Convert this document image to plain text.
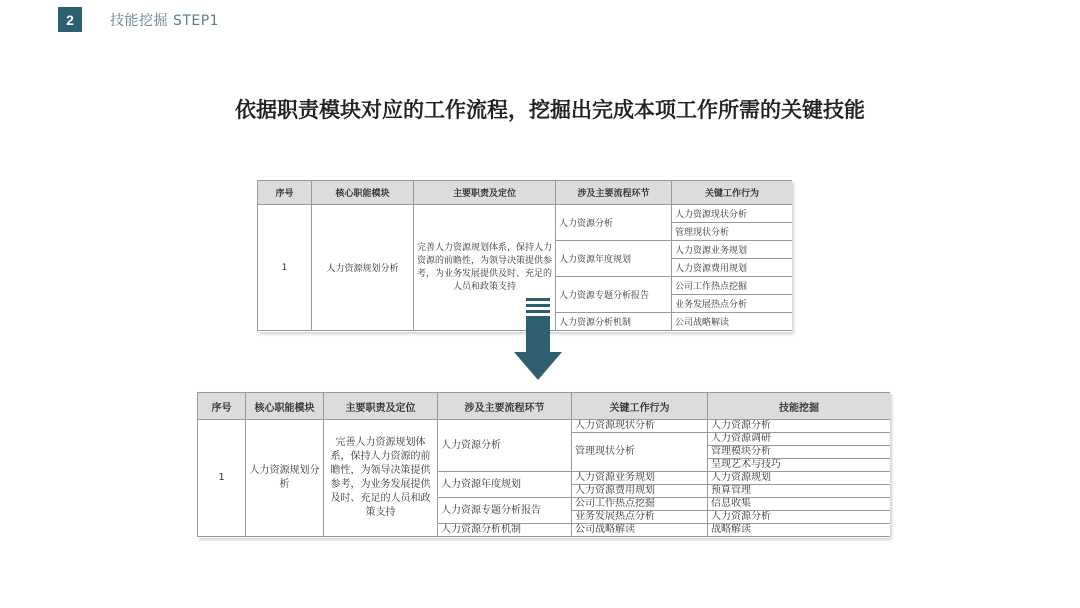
2	技能挖掘 STEP1
依据职责模块对应的工作流程，挖掘出完成本项工作所需的关键技能
序号	核心职能模块	主要职责及定位	涉及主要流程环节	关键工作行为
1	人力资源规划分析	完善人力资源规划体系，保持人力资源的前瞻性，为领导决策提供参考，为业务发展提供及时、充足的人员和政策支持	人力资源分析	人力资源现状分析
				管理现状分析
			人力资源年度规划	人力资源业务规划
				人力资源费用规划
			人力资源专题分析报告	公司工作热点挖掘
				业务发展热点分析
			人力资源分析机制	公司战略解读
序号	核心职能模块	主要职责及定位	涉及主要流程环节	关键工作行为	技能挖掘
1	人力资源规划分析	完善人力资源规划体系，保持人力资源的前瞻性，为领导决策提供参考，为业务发展提供及时、充足的人员和政策支持	人力资源分析	人力资源现状分析	人力资源分析
				管理现状分析	人力资源调研
					管理模块分析
					呈现艺术与技巧
			人力资源年度规划	人力资源业务规划	人力资源规划
				人力资源费用规划	预算管理
			人力资源专题分析报告	公司工作热点挖掘	信息收集
				业务发展热点分析	人力资源分析
			人力资源分析机制	公司战略解读	战略解读
